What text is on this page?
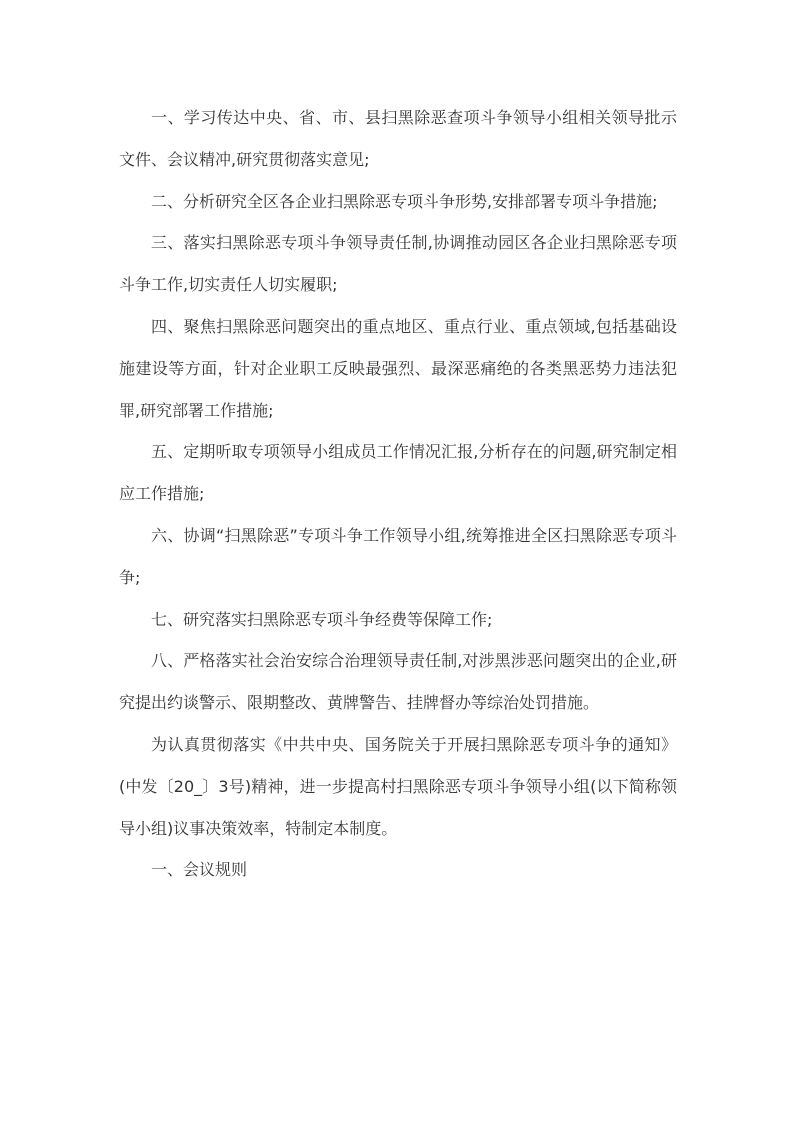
一、学习传达中央、省、市、县扫黑除恶查项斗争领导小组相关领导批示文件、会议精冲,研究贯彻落实意见;

二、分析研究全区各企业扫黑除恶专项斗争形势,安排部署专项斗争措施;

三、落实扫黑除恶专项斗争领导责任制,协调推动园区各企业扫黑除恶专项斗争工作,切实责任人切实履职;

四、聚焦扫黑除恶问题突出的重点地区、重点行业、重点领域,包括基础设施建设等方面，针对企业职工反映最强烈、最深恶痛绝的各类黑恶势力违法犯罪,研究部署工作措施;

五、定期听取专项领导小组成员工作情况汇报,分析存在的问题,研究制定相应工作措施;

六、协调“扫黑除恶”专项斗争工作领导小组,统筹推进全区扫黑除恶专项斗争;

七、研究落实扫黑除恶专项斗争经费等保障工作;

八、严格落实社会治安综合治理领导责任制,对涉黑涉恶问题突出的企业,研究提出约谈警示、限期整改、黄牌警告、挂牌督办等综治处罚措施。

为认真贯彻落实《中共中央、国务院关于开展扫黑除恶专项斗争的通知》(中发〔20_〕3号)精神，进一步提高村扫黑除恶专项斗争领导小组(以下简称领导小组)议事决策效率，特制定本制度。

一、会议规则
